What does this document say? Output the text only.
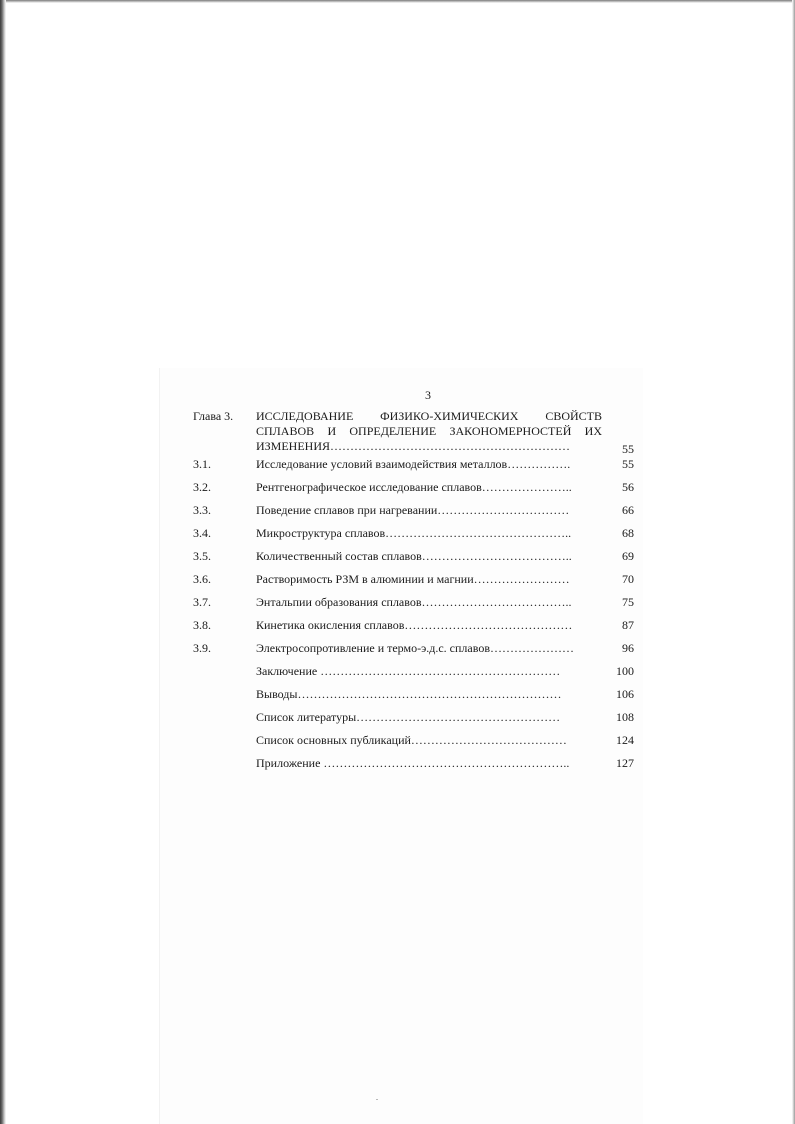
3
Глава 3. ИССЛЕДОВАНИЕ ФИЗИКО-ХИМИЧЕСКИХ СВОЙСТВ
СПЛАВОВ И ОПРЕДЕЛЕНИЕ ЗАКОНОМЕРНОСТЕЙ ИХ
ИЗМЕНЕНИЯ……………………………………………………	55
3.1.	Исследование условий взаимодействия металлов…………….	55
3.2.	Рентгенографическое исследование сплавов…………………..	56
3.3.	Поведение сплавов при нагревании……………………………	66
3.4.	Микроструктура сплавов………………………………………..	68
3.5.	Количественный состав сплавов………………………………..	69
3.6.	Растворимость РЗМ в алюминии и магнии……………………	70
3.7.	Энтальпии образования сплавов………………………………..	75
3.8.	Кинетика окисления сплавов……………………………………	87
3.9.	Электросопротивление и термо-э.д.с. сплавов…………………	96
Заключение ……………………………………………………	100
Выводы…………………………………………………………	106
Список литературы……………………………………………	108
Список основных публикаций…………………………………	124
Приложение ……………………………………………………..	127
